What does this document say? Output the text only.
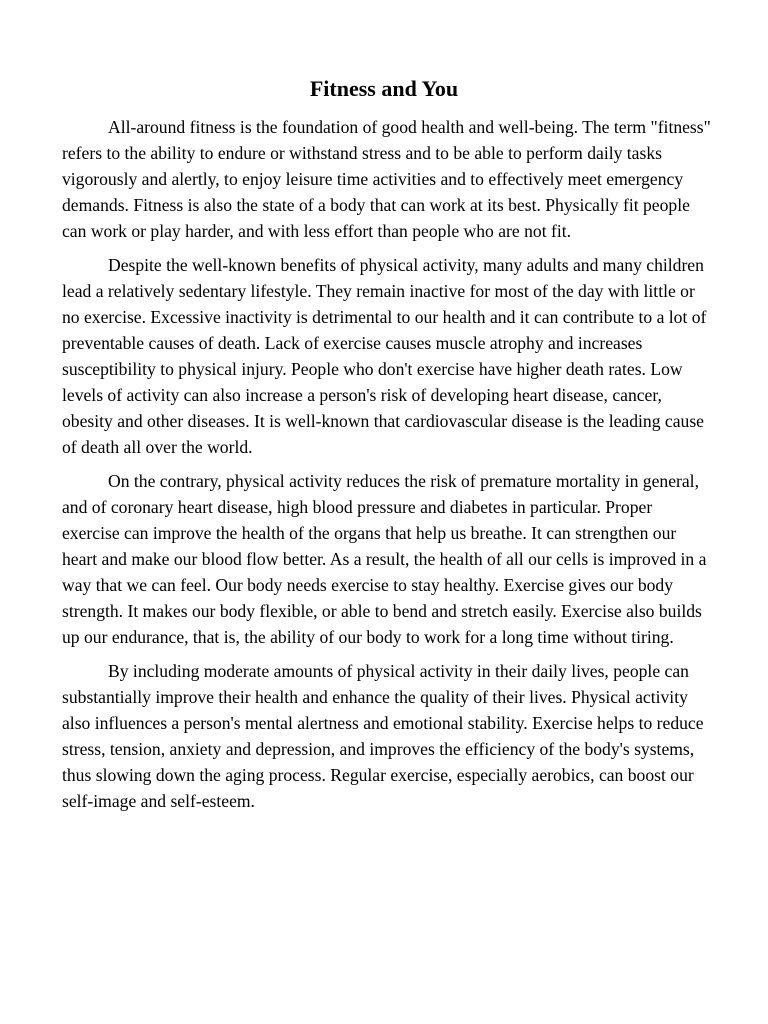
Fitness and You

All-around fitness is the foundation of good health and well-being. The term "fitness" refers to the ability to endure or withstand stress and to be able to perform daily tasks vigorously and alertly, to enjoy leisure time activities and to effectively meet emergency demands. Fitness is also the state of a body that can work at its best. Physically fit people can work or play harder, and with less effort than people who are not fit.

Despite the well-known benefits of physical activity, many adults and many children lead a relatively sedentary lifestyle. They remain inactive for most of the day with little or no exercise. Excessive inactivity is detrimental to our health and it can contribute to a lot of preventable causes of death. Lack of exercise causes muscle atrophy and increases susceptibility to physical injury. People who don't exercise have higher death rates. Low levels of activity can also increase a person's risk of developing heart disease, cancer, obesity and other diseases. It is well-known that cardiovascular disease is the leading cause of death all over the world.

On the contrary, physical activity reduces the risk of premature mortality in general, and of coronary heart disease, high blood pressure and diabetes in particular. Proper exercise can improve the health of the organs that help us breathe. It can strengthen our heart and make our blood flow better. As a result, the health of all our cells is improved in a way that we can feel. Our body needs exercise to stay healthy. Exercise gives our body strength. It makes our body flexible, or able to bend and stretch easily. Exercise also builds up our endurance, that is, the ability of our body to work for a long time without tiring.

By including moderate amounts of physical activity in their daily lives, people can substantially improve their health and enhance the quality of their lives. Physical activity also influences a person's mental alertness and emotional stability. Exercise helps to reduce stress, tension, anxiety and depression, and improves the efficiency of the body's systems, thus slowing down the aging process. Regular exercise, especially aerobics, can boost our self-image and self-esteem.
